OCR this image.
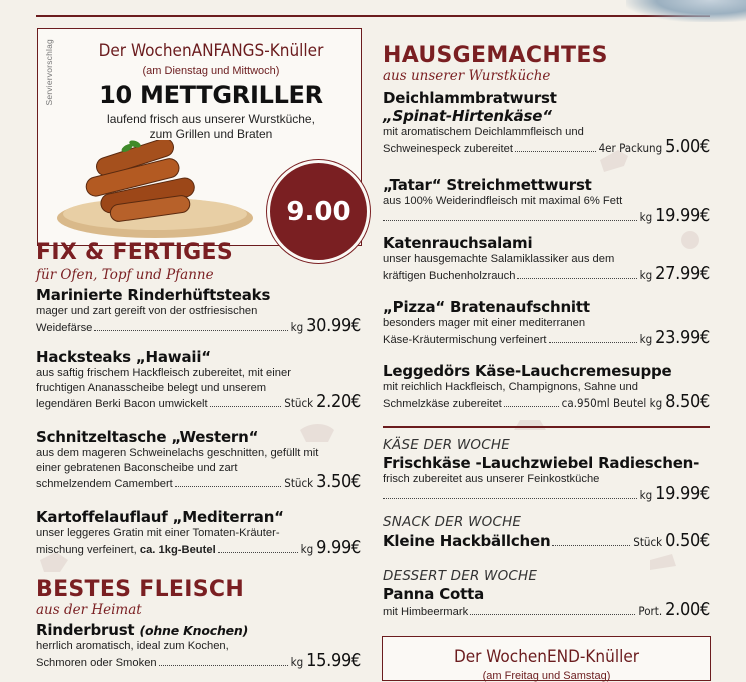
Serviervorschlag	Der WochenANFANGS-Knüller
(am Dienstag und Mittwoch)
10 METTGRILLER
laufend frisch aus unserer Wurstküche,
zum Grillen und Braten
9.00
FIX & FERTIGES
für Ofen, Topf und Pfanne
Marinierte Rinderhüftsteaks
mager und zart gereift von der ostfriesischen
Weidefärse	kg 30.99€
Hacksteaks „Hawaii“
aus saftig frischem Hackfleisch zubereitet, mit einer
fruchtigen Ananasscheibe belegt und unserem
legendären Berki Bacon umwickelt	Stück 2.20€
Schnitzeltasche „Western“
aus dem mageren Schweinelachs geschnitten, gefüllt mit
einer gebratenen Baconscheibe und zart
schmelzendem Camembert	Stück 3.50€
Kartoffelauflauf „Mediterran“
unser leggeres Gratin mit einer Tomaten-Kräuter-
mischung verfeinert, ca. 1kg-Beutel	kg 9.99€
BESTES FLEISCH
aus der Heimat
Rinderbrust (ohne Knochen)
herrlich aromatisch, ideal zum Kochen,
Schmoren oder Smoken	kg 15.99€
HAUSGEMACHTES
aus unserer Wurstküche
Deichlammbratwurst
„Spinat-Hirtenkäse“
mit aromatischem Deichlammfleisch und
Schweinespeck zubereitet	4er Packung 5.00€
„Tatar“ Streichmettwurst
aus 100% Weiderindfleisch mit maximal 6% Fett
kg 19.99€
Katenrauchsalami
unser hausgemachte Salamiklassiker aus dem
kräftigen Buchenholzrauch	kg 27.99€
„Pizza“ Bratenaufschnitt
besonders mager mit einer mediterranen
Käse-Kräutermischung verfeinert	kg 23.99€
Leggedörs Käse-Lauchcremesuppe
mit reichlich Hackfleisch, Champignons, Sahne und
Schmelzkäse zubereitet	ca.950ml Beutel kg 8.50€
KÄSE DER WOCHE
Frischkäse -Lauchzwiebel Radieschen-
frisch zubereitet aus unserer Feinkostküche
kg 19.99€
SNACK DER WOCHE
Kleine Hackbällchen	Stück 0.50€
DESSERT DER WOCHE
Panna Cotta
mit Himbeermark	Port. 2.00€
Der WochenEND-Knüller
(am Freitag und Samstag)
